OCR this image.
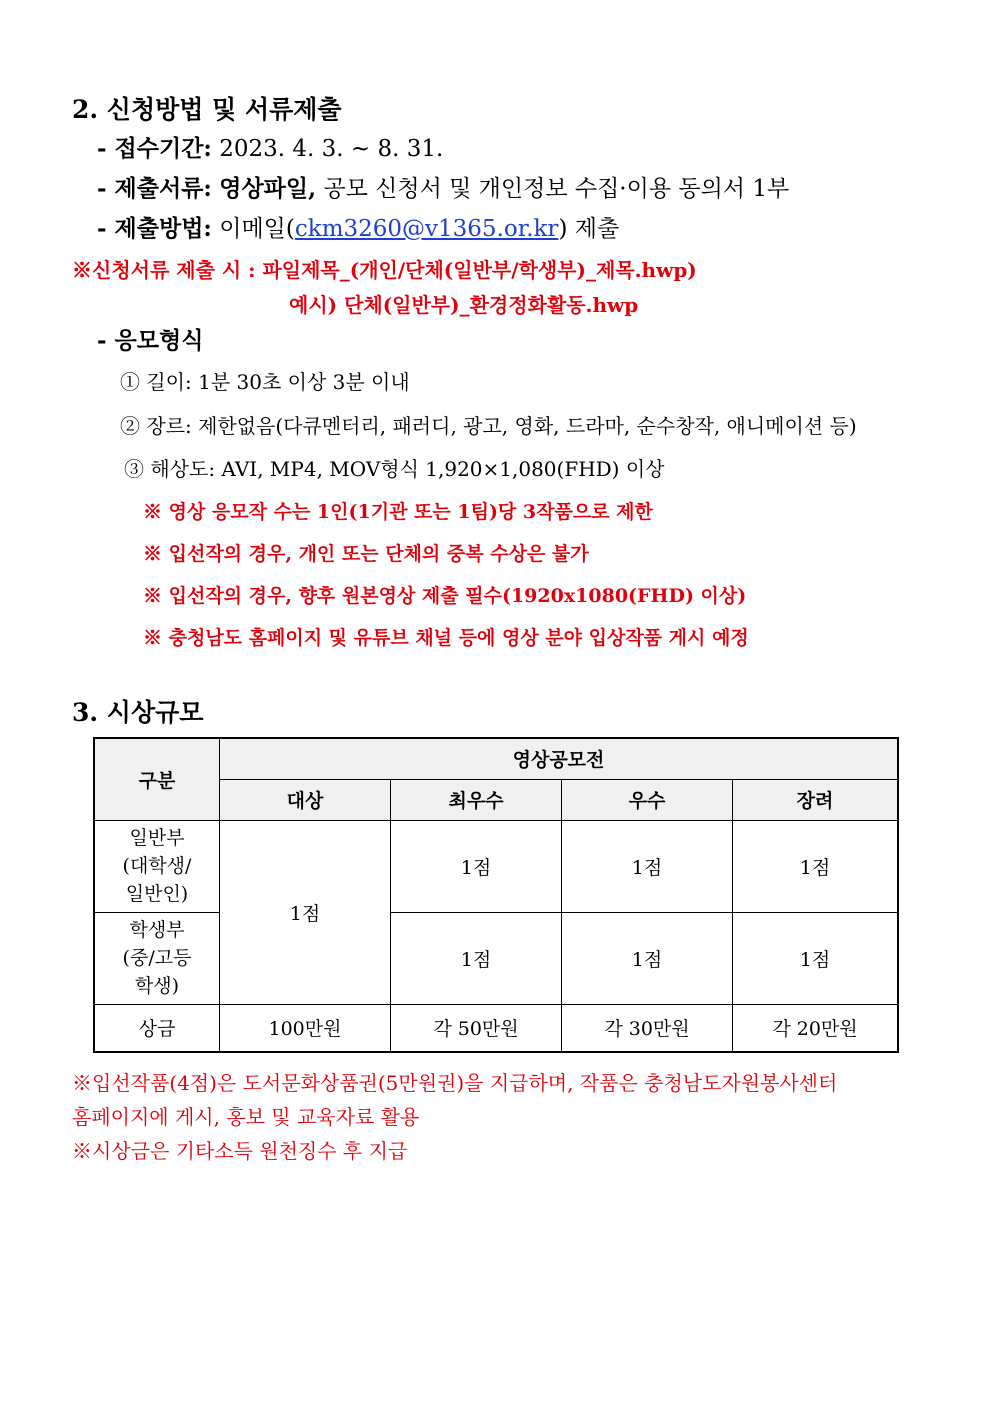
2. 신청방법 및 서류제출
- 접수기간: 2023. 4. 3. ~ 8. 31.
- 제출서류: 영상파일, 공모 신청서 및 개인정보 수집·이용 동의서 1부
- 제출방법: 이메일(ckm3260@v1365.or.kr) 제출
※신청서류 제출 시 : 파일제목_(개인/단체(일반부/학생부)_제목.hwp)
예시) 단체(일반부)_환경정화활동.hwp
- 응모형식
① 길이: 1분 30초 이상 3분 이내
② 장르: 제한없음(다큐멘터리, 패러디, 광고, 영화, 드라마, 순수창작, 애니메이션 등)
③ 해상도: AVI, MP4, MOV형식 1,920×1,080(FHD) 이상
※ 영상 응모작 수는 1인(1기관 또는 1팀)당 3작품으로 제한
※ 입선작의 경우, 개인 또는 단체의 중복 수상은 불가
※ 입선작의 경우, 향후 원본영상 제출 필수(1920x1080(FHD) 이상)
※ 충청남도 홈페이지 및 유튜브 채널 등에 영상 분야 입상작품 게시 예정
3. 시상규모
구분	영상공모전			
	대상	최우수	우수	장려

일반부
(대학생/
일반인)	1점	1점	1점	1점

학생부
(중/고등
학생)		1점	1점	1점
상금	100만원	각 50만원	각 30만원	각 20만원
※입선작품(4점)은 도서문화상품권(5만원권)을 지급하며, 작품은 충청남도자원봉사센터
홈페이지에 게시, 홍보 및 교육자료 활용
※시상금은 기타소득 원천징수 후 지급
